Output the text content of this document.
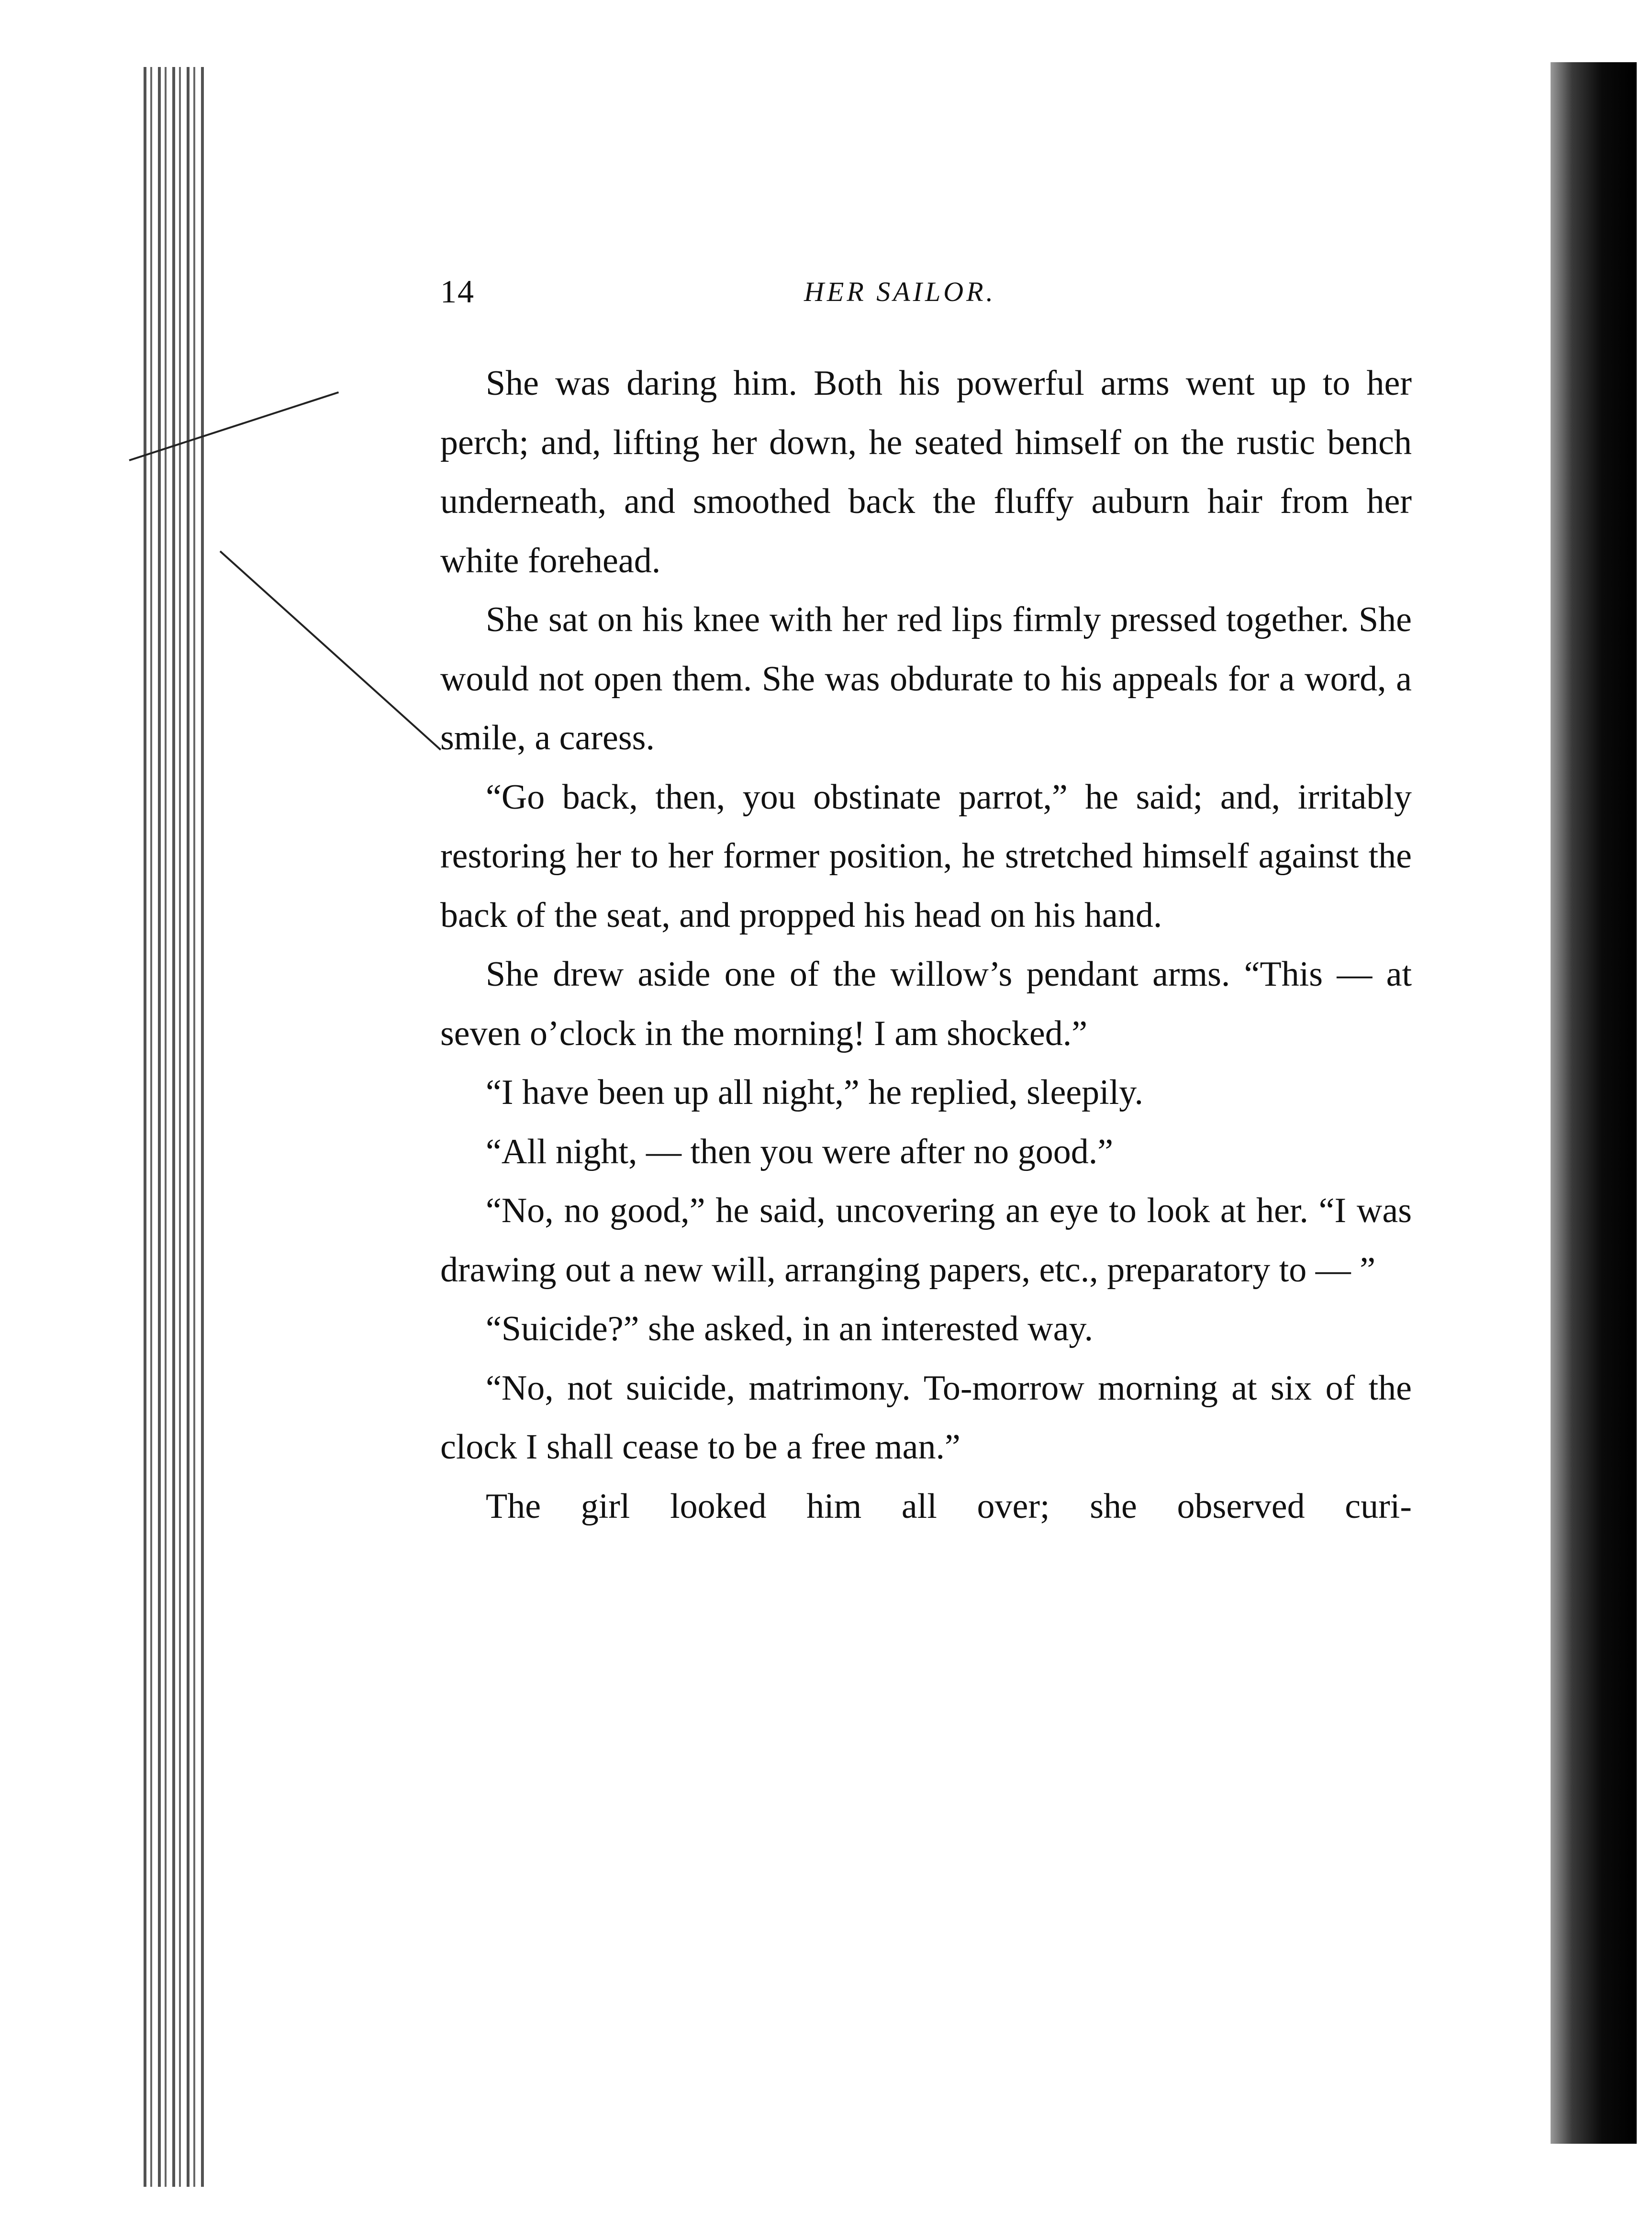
14	HER SAILOR.

She was daring him. Both his powerful arms went up to her perch; and, lifting her down, he seated himself on the rustic bench underneath, and smoothed back the fluffy auburn hair from her white forehead.

She sat on his knee with her red lips firmly pressed together. She would not open them. She was obdurate to his appeals for a word, a smile, a caress.

“Go back, then, you obstinate parrot,” he said; and, irritably restoring her to her former position, he stretched himself against the back of the seat, and propped his head on his hand.

She drew aside one of the willow’s pendant arms. “This — at seven o’clock in the morning! I am shocked.”

“I have been up all night,” he replied, sleepily.

“All night, — then you were after no good.”

“No, no good,” he said, uncovering an eye to look at her. “I was drawing out a new will, arranging papers, etc., preparatory to — ”

“Suicide?” she asked, in an interested way.

“No, not suicide, matrimony. To-morrow morning at six of the clock I shall cease to be a free man.”

The girl looked him all over; she observed curi-
